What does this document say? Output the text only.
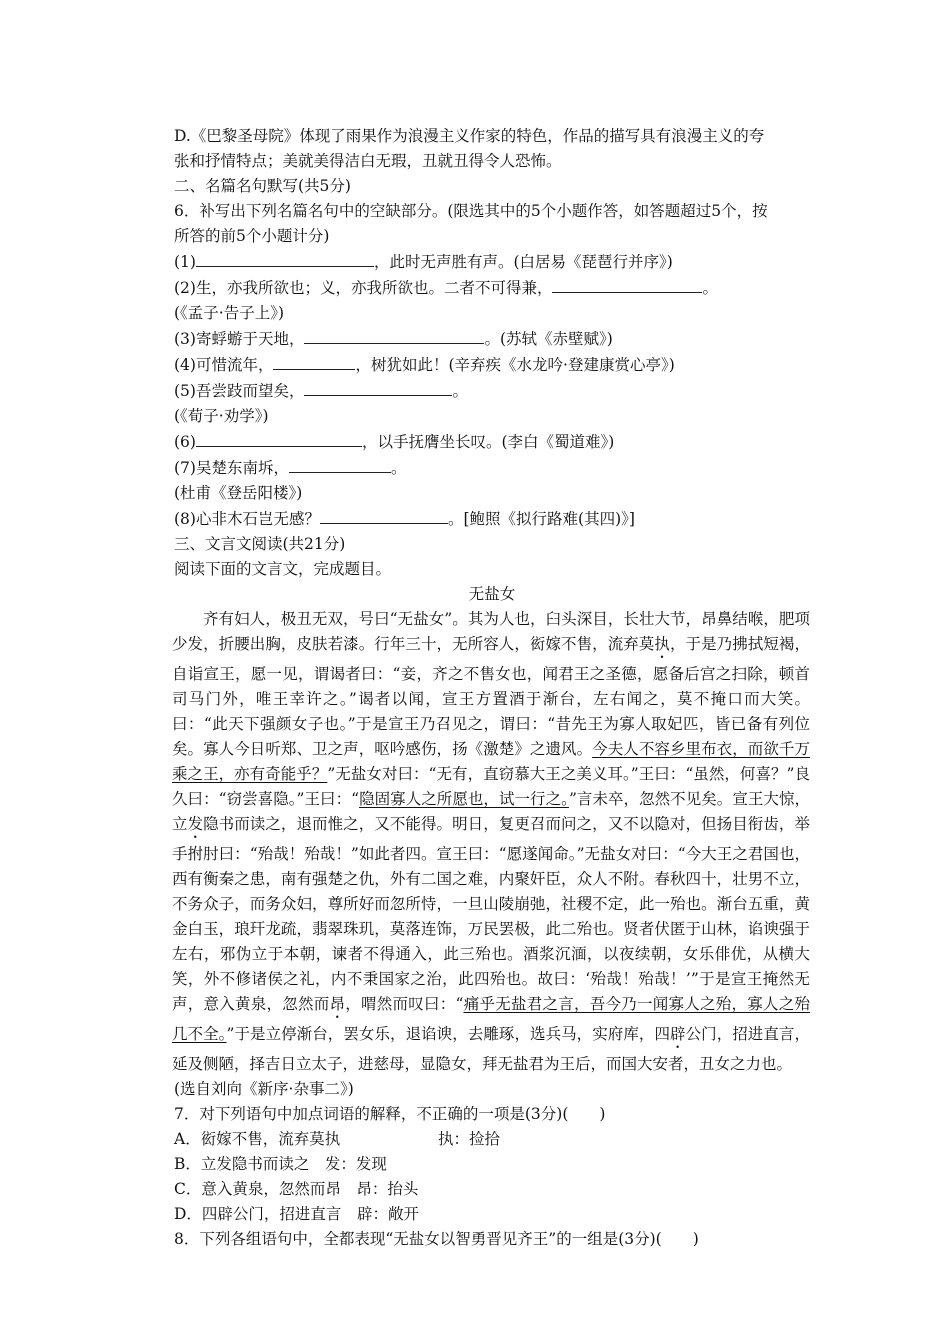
D.《巴黎圣母院》体现了雨果作为浪漫主义作家的特色，作品的描写具有浪漫主义的夸
张和抒情特点；美就美得洁白无瑕，丑就丑得令人恐怖。
二、名篇名句默写(共5分)
6．补写出下列名篇名句中的空缺部分。(限选其中的5个小题作答，如答题超过5个，按
所答的前5个小题计分)
(1)	，此时无声胜有声。(白居易《琵琶行并序》)
(2)生，亦我所欲也；义，亦我所欲也。二者不可得兼，	。
(《孟子·告子上》)
(3)寄蜉蝣于天地，	。(苏轼《赤壁赋》)
(4)可惜流年，	，树犹如此！(辛弃疾《水龙吟·登建康赏心亭》)
(5)吾尝跂而望矣，	。
(《荀子·劝学》)
(6)	，以手抚膺坐长叹。(李白《蜀道难》)
(7)吴楚东南坼，	。
(杜甫《登岳阳楼》)
(8)心非木石岂无感？	。[鲍照《拟行路难(其四)》]
三、文言文阅读(共21分)
阅读下面的文言文，完成题目。
无盐女
齐有妇人，极丑无双，号曰“无盐女”。其为人也，臼头深目，长壮大节，昂鼻结喉，肥项少发，折腰出胸，皮肤若漆。行年三十，无所容人，衒嫁不售，流弃莫执，于是乃拂拭短褐，自诣宣王，愿一见，谓谒者曰：“妾，齐之不售女也，闻君王之圣德，愿备后宫之扫除，顿首司马门外，唯王幸许之。”谒者以闻，宣王方置酒于渐台，左右闻之，莫不掩口而大笑。曰：“此天下强颜女子也。”于是宣王乃召见之，谓曰：“昔先王为寡人取妃匹，皆已备有列位矣。寡人今日听郑、卫之声，呕吟感伤，扬《激楚》之遗风。今夫人不容乡里布衣，而欲千万乘之王，亦有奇能乎？”无盐女对曰：“无有，直窃慕大王之美义耳。”王曰：“虽然，何喜？”良久曰：“窃尝喜隐。”王曰：“隐固寡人之所愿也，试一行之。”言未卒，忽然不见矣。宣王大惊，立发隐书而读之，退而惟之，又不能得。明日，复更召而问之，又不以隐对，但扬目衔齿，举手拊肘曰：“殆哉！殆哉！”如此者四。宣王曰：“愿遂闻命。”无盐女对曰：“今大王之君国也，西有衡秦之患，南有强楚之仇，外有二国之难，内聚奸臣，众人不附。春秋四十，壮男不立，不务众子，而务众妇，尊所好而忽所恃，一旦山陵崩弛，社稷不定，此一殆也。渐台五重，黄金白玉，琅玕龙疏，翡翠珠玑，莫落连饰，万民罢极，此二殆也。贤者伏匿于山林，谄谀强于左右，邪伪立于本朝，谏者不得通入，此三殆也。酒浆沉湎，以夜续朝，女乐俳优，从横大笑，外不修诸侯之礼，内不秉国家之治，此四殆也。故曰：‘殆哉！殆哉！’”于是宣王掩然无声，意入黄泉，忽然而昂，喟然而叹曰：“痛乎无盐君之言，吾今乃一闻寡人之殆，寡人之殆几不全。”于是立停渐台，罢女乐，退谄谀，去雕琢，选兵马，实府库，四辟公门，招进直言，延及侧陋，择吉日立太子，进慈母，显隐女，拜无盐君为王后，而国大安者，丑女之力也。
(选自刘向《新序·杂事二》)
7．对下列语句中加点词语的解释，不正确的一项是(3分)(　　)
A．衒嫁不售，流弃莫执	执：捡拾
B．立发隐书而读之　 发：发现
C．意入黄泉，忽然而昂　 昂：抬头
D．四辟公门，招进直言　 辟：敞开
8．下列各组语句中，全都表现“无盐女以智勇晋见齐王”的一组是(3分)(　　)
